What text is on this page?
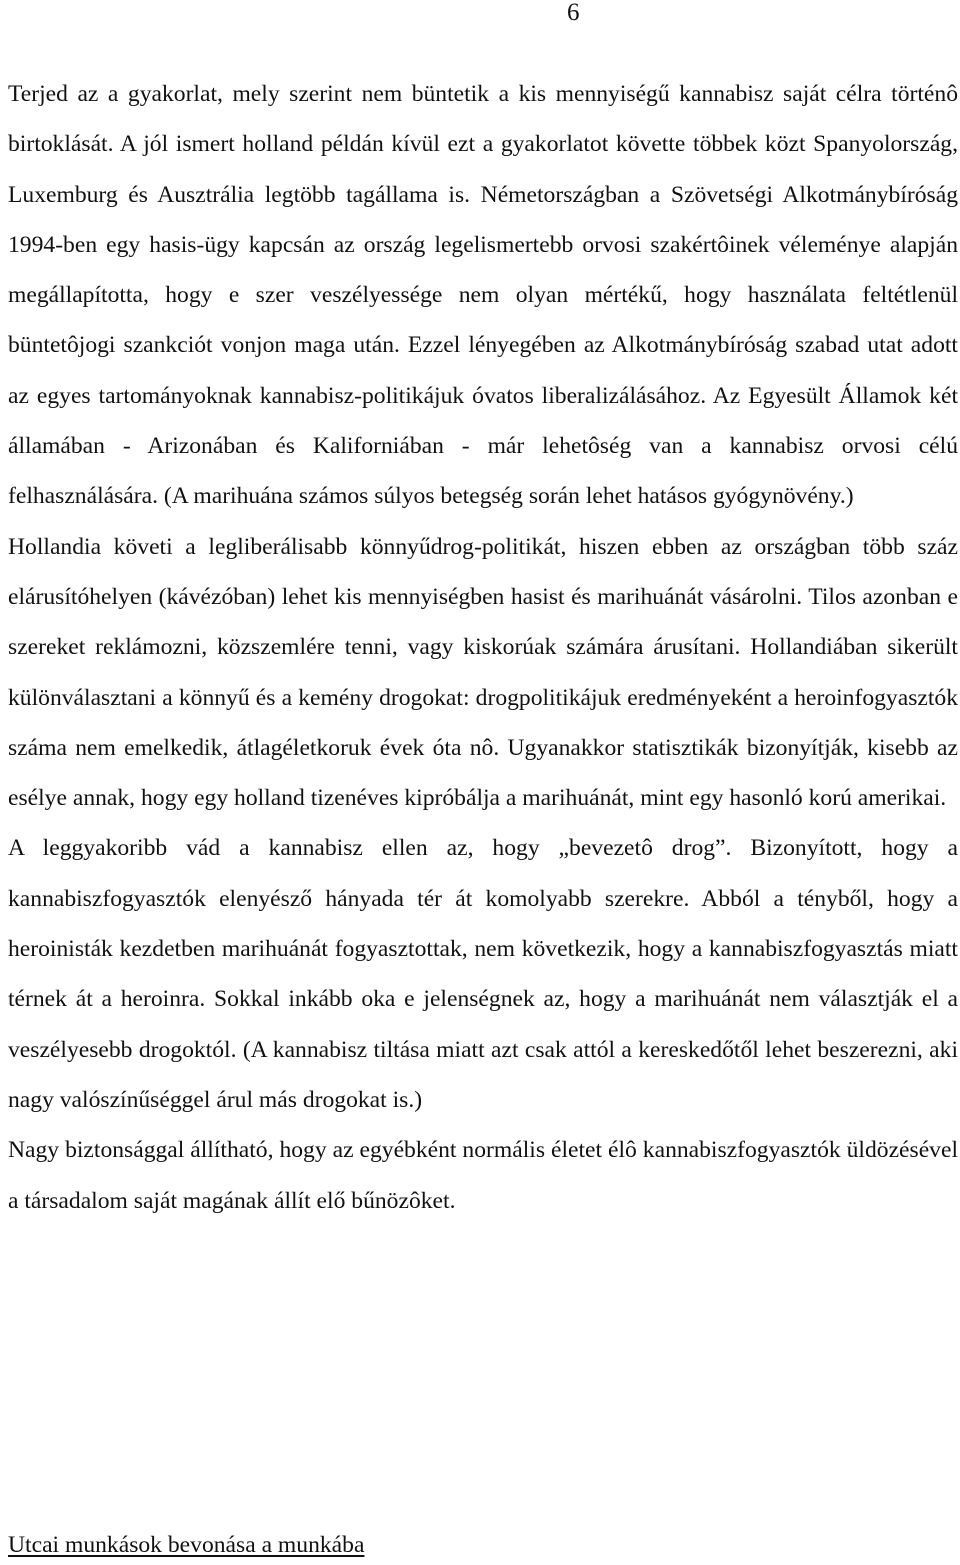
6

Terjed az a gyakorlat, mely szerint nem büntetik a kis mennyiségű kannabisz saját célra történô birtoklását. A jól ismert holland példán kívül ezt a gyakorlatot követte többek közt Spanyolország, Luxemburg és Ausztrália legtöbb tagállama is. Németországban a Szövetségi Alkotmánybíróság 1994-ben egy hasis-ügy kapcsán az ország legelismertebb orvosi szakértôinek véleménye alapján megállapította, hogy e szer veszélyessége nem olyan mértékű, hogy használata feltétlenül büntetôjogi szankciót vonjon maga után. Ezzel lényegében az Alkotmánybíróság szabad utat adott az egyes tartományoknak kannabisz-politikájuk óvatos liberalizálásához. Az Egyesült Államok két államában - Arizonában és Kaliforniában - már lehetôség van a kannabisz orvosi célú felhasználására. (A marihuána számos súlyos betegség során lehet hatásos gyógynövény.)

Hollandia követi a legliberálisabb könnyűdrog-politikát, hiszen ebben az országban több száz elárusítóhelyen (kávézóban) lehet kis mennyiségben hasist és marihuánát vásárolni. Tilos azonban e szereket reklámozni, közszemlére tenni, vagy kiskorúak számára árusítani. Hollandiában sikerült különválasztani a könnyű és a kemény drogokat: drogpolitikájuk eredményeként a heroinfogyasztók száma nem emelkedik, átlagéletkoruk évek óta nô. Ugyanakkor statisztikák bizonyítják, kisebb az esélye annak, hogy egy holland tizenéves kipróbálja a marihuánát, mint egy hasonló korú amerikai.

A leggyakoribb vád a kannabisz ellen az, hogy „bevezetô drog”. Bizonyított, hogy a kannabiszfogyasztók elenyésző hányada tér át komolyabb szerekre. Abból a tényből, hogy a heroinisták kezdetben marihuánát fogyasztottak, nem következik, hogy a kannabiszfogyasztás miatt térnek át a heroinra. Sokkal inkább oka e jelenségnek az, hogy a marihuánát nem választják el a veszélyesebb drogoktól. (A kannabisz tiltása miatt azt csak attól a kereskedőtől lehet beszerezni, aki nagy valószínűséggel árul más drogokat is.)

Nagy biztonsággal állítható, hogy az egyébként normális életet élô kannabiszfogyasztók üldözésével a társadalom saját magának állít elő bűnözôket.

Utcai munkások bevonása a munkába
